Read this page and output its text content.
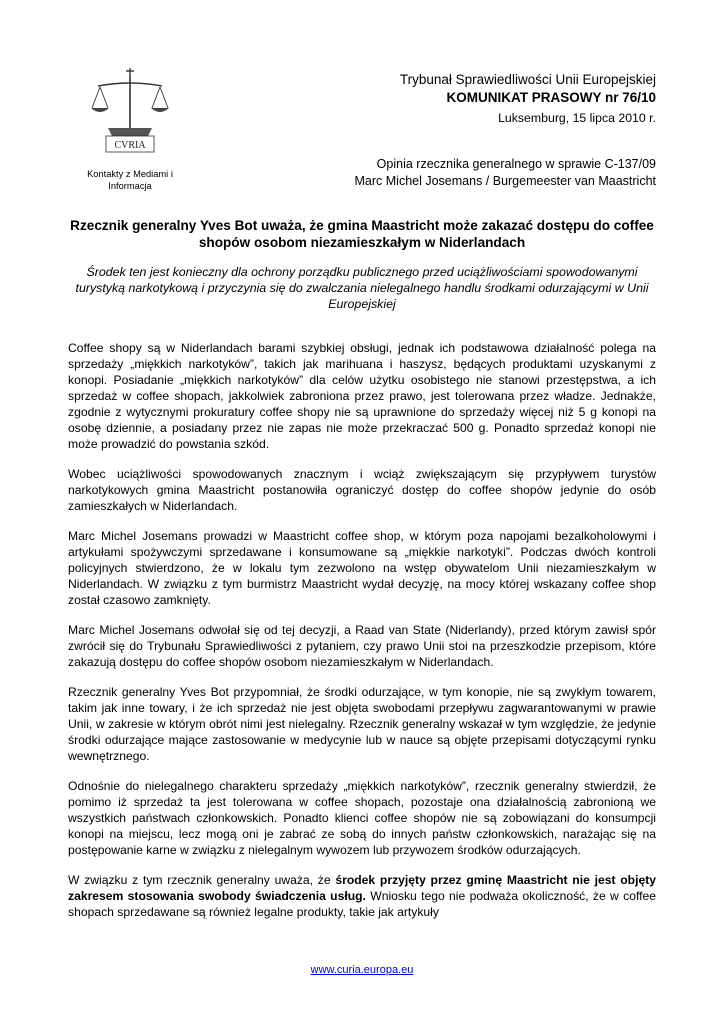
CVRIA
Kontakty z Mediami i Informacja
Trybunał Sprawiedliwości Unii Europejskiej
KOMUNIKAT PRASOWY nr 76/10
Luksemburg, 15 lipca 2010 r.
Opinia rzecznika generalnego w sprawie C-137/09
Marc Michel Josemans / Burgemeester van Maastricht
Rzecznik generalny Yves Bot uważa, że gmina Maastricht może zakazać dostępu do coffee shopów osobom niezamieszkałym w Niderlandach
Środek ten jest konieczny dla ochrony porządku publicznego przed uciążliwościami spowodowanymi turystyką narkotykową i przyczynia się do zwalczania nielegalnego handlu środkami odurzającymi w Unii Europejskiej

Coffee shopy są w Niderlandach barami szybkiej obsługi, jednak ich podstawowa działalność polega na sprzedaży „miękkich narkotyków”, takich jak marihuana i haszysz, będących produktami uzyskanymi z konopi. Posiadanie „miękkich narkotyków” dla celów użytku osobistego nie stanowi przestępstwa, a ich sprzedaż w coffee shopach, jakkolwiek zabroniona przez prawo, jest tolerowana przez władze. Jednakże, zgodnie z wytycznymi prokuratury coffee shopy nie są uprawnione do sprzedaży więcej niż 5 g konopi na osobę dziennie, a posiadany przez nie zapas nie może przekraczać 500 g. Ponadto sprzedaż konopi nie może prowadzić do powstania szkód.

Wobec uciążliwości spowodowanych znacznym i wciąż zwiększającym się przypływem turystów narkotykowych gmina Maastricht postanowiła ograniczyć dostęp do coffee shopów jedynie do osób zamieszkałych w Niderlandach.

Marc Michel Josemans prowadzi w Maastricht coffee shop, w którym poza napojami bezalkoholowymi i artykułami spożywczymi sprzedawane i konsumowane są „miękkie narkotyki”. Podczas dwóch kontroli policyjnych stwierdzono, że w lokalu tym zezwolono na wstęp obywatelom Unii niezamieszkałym w Niderlandach. W związku z tym burmistrz Maastricht wydał decyzję, na mocy której wskazany coffee shop został czasowo zamknięty.

Marc Michel Josemans odwołał się od tej decyzji, a Raad van State (Niderlandy), przed którym zawisł spór zwrócił się do Trybunału Sprawiedliwości z pytaniem, czy prawo Unii stoi na przeszkodzie przepisom, które zakazują dostępu do coffee shopów osobom niezamieszkałym w Niderlandach.

Rzecznik generalny Yves Bot przypomniał, że środki odurzające, w tym konopie, nie są zwykłym towarem, takim jak inne towary, i że ich sprzedaż nie jest objęta swobodami przepływu zagwarantowanymi w prawie Unii, w zakresie w którym obrót nimi jest nielegalny. Rzecznik generalny wskazał w tym względzie, że jedynie środki odurzające mające zastosowanie w medycynie lub w nauce są objęte przepisami dotyczącymi rynku wewnętrznego.

Odnośnie do nielegalnego charakteru sprzedaży „miękkich narkotyków”, rzecznik generalny stwierdził, że pomimo iż sprzedaż ta jest tolerowana w coffee shopach, pozostaje ona działalnością zabronioną we wszystkich państwach członkowskich. Ponadto klienci coffee shopów nie są zobowiązani do konsumpcji konopi na miejscu, lecz mogą oni je zabrać ze sobą do innych państw członkowskich, narażając się na postępowanie karne w związku z nielegalnym wywozem lub przywozem środków odurzających.

W związku z tym rzecznik generalny uważa, że środek przyjęty przez gminę Maastricht nie jest objęty zakresem stosowania swobody świadczenia usług. Wniosku tego nie podważa okoliczność, że w coffee shopach sprzedawane są również legalne produkty, takie jak artykuły

www.curia.europa.eu
